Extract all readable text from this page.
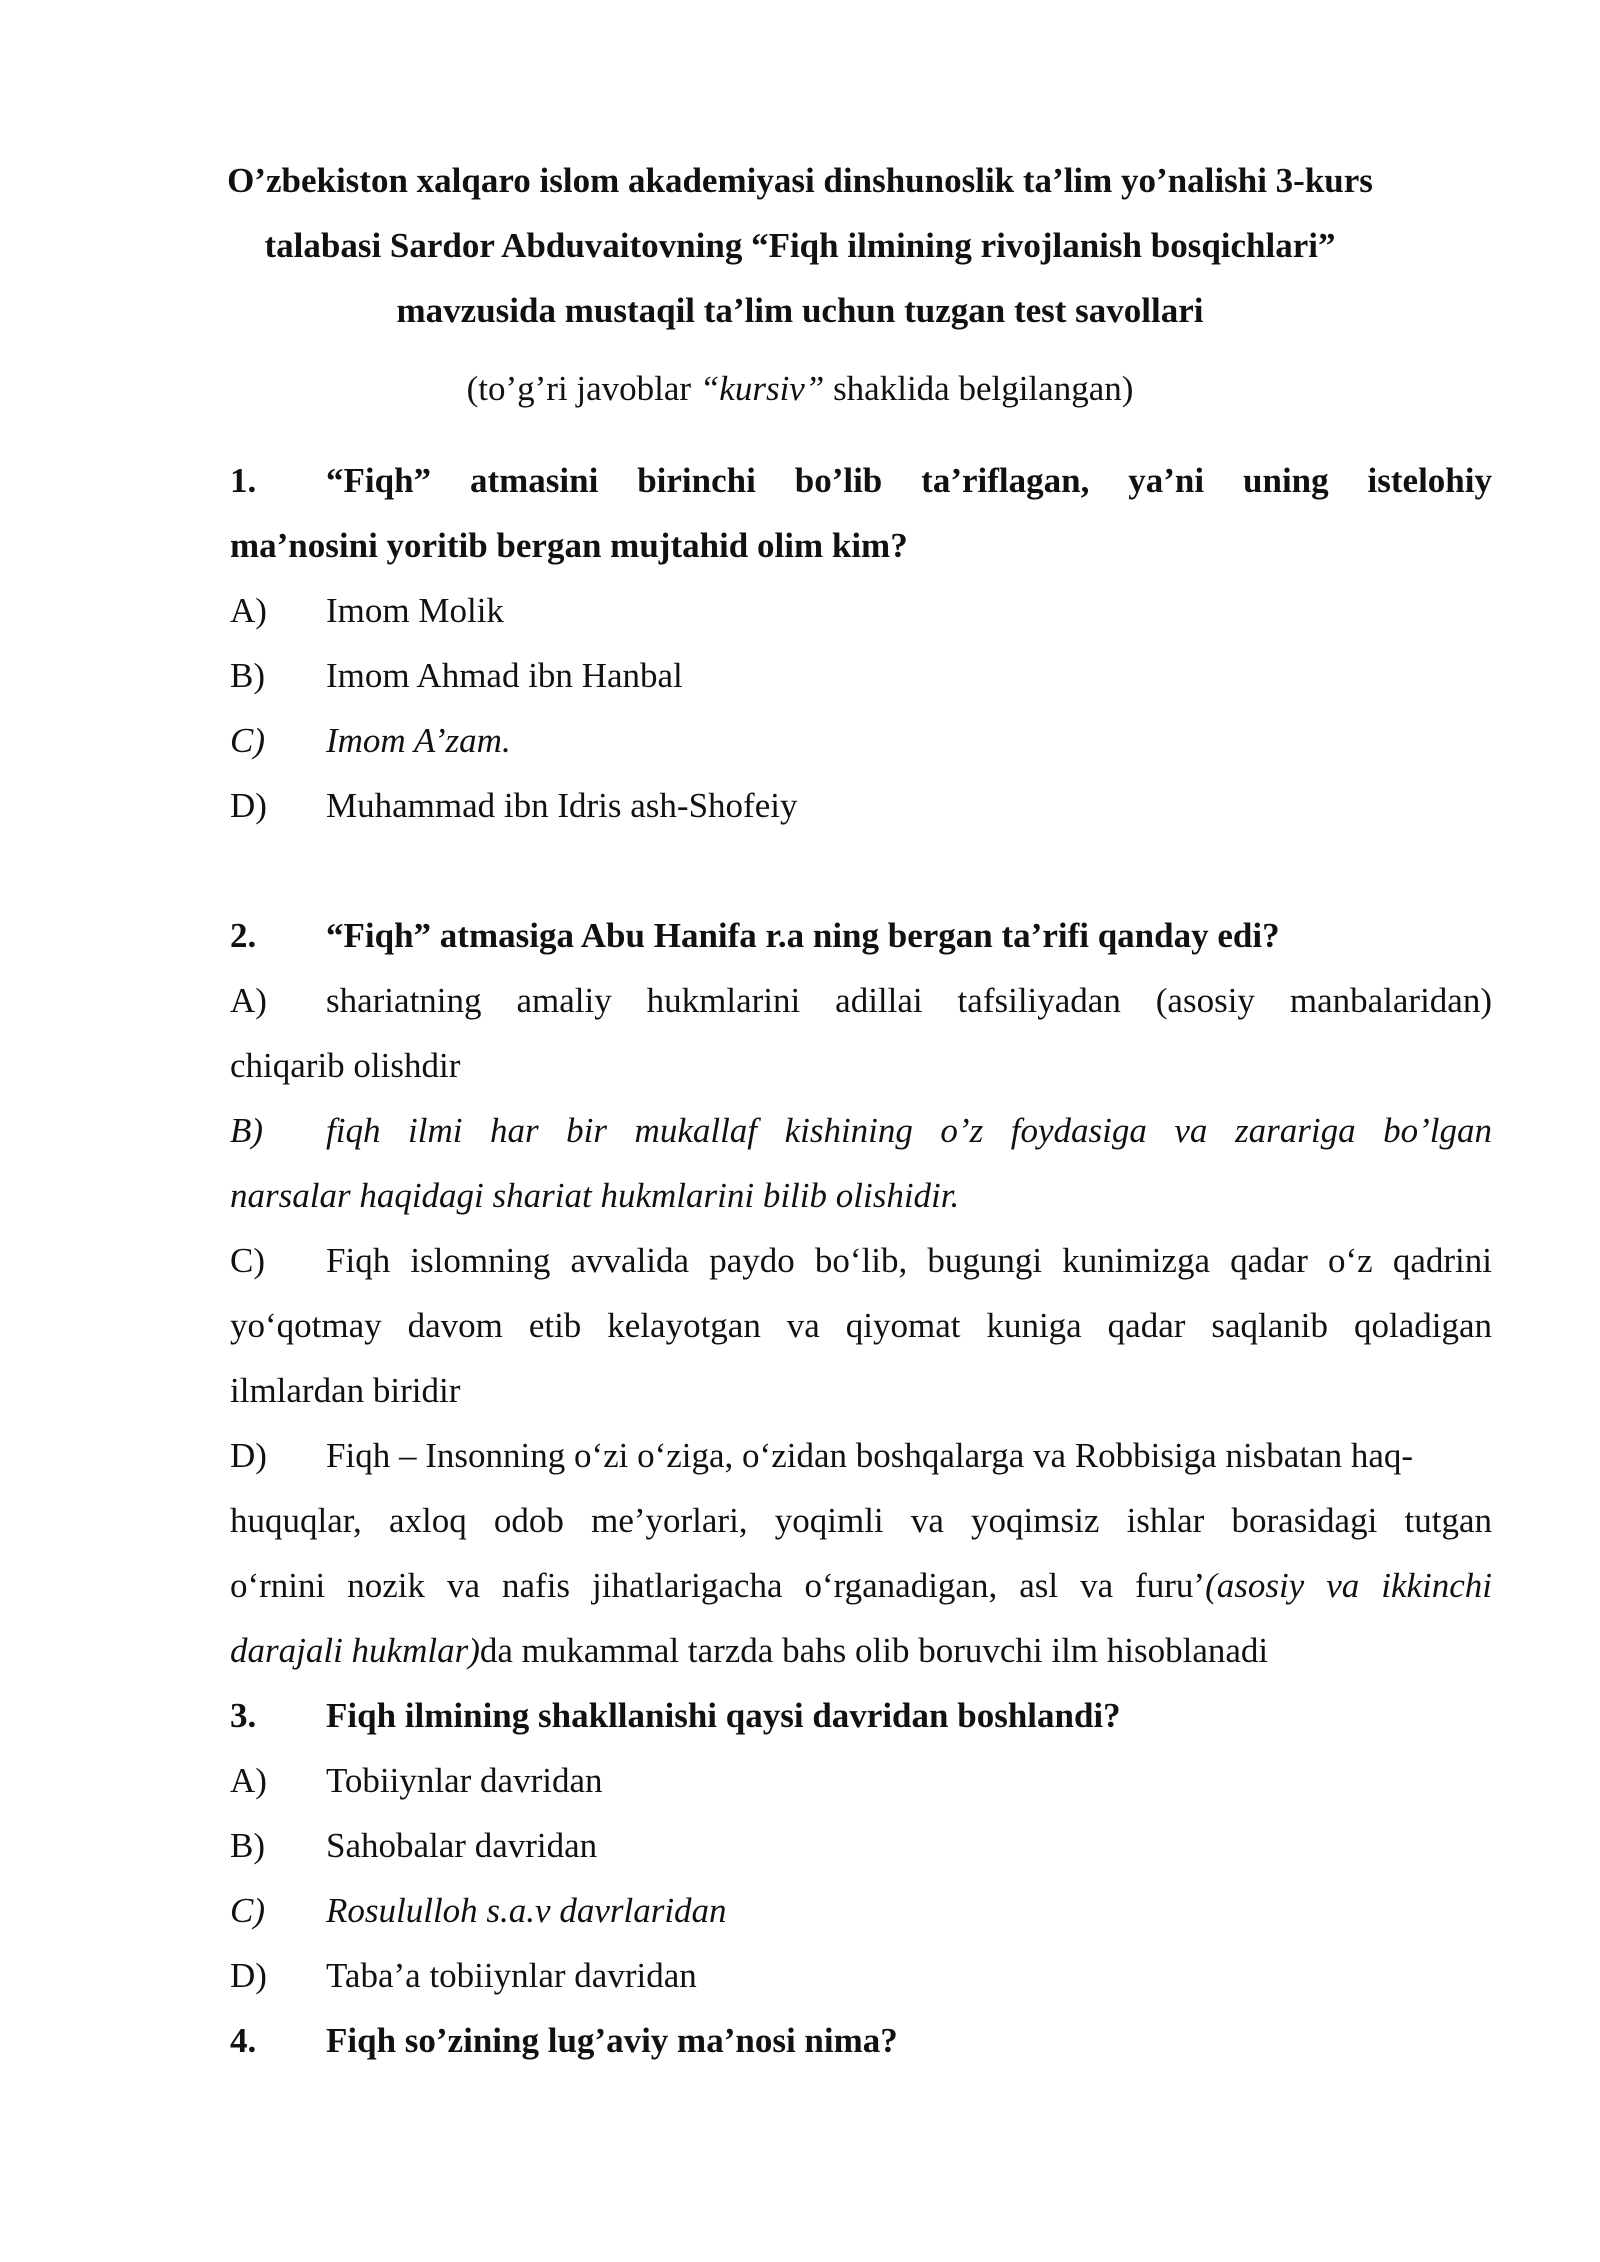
O’zbekiston xalqaro islom akademiyasi dinshunoslik ta’lim yo’nalishi 3-kurs
talabasi Sardor Abduvaitovning “Fiqh ilmining rivojlanish bosqichlari”
mavzusida mustaqil ta’lim uchun tuzgan test savollari
(to’g’ri javoblar “kursiv” shaklida belgilangan)
1. “Fiqh” atmasini birinchi bo’lib ta’riflagan, ya’ni uning istelohiy
ma’nosini yoritib bergan mujtahid olim kim?
A) Imom Molik
B) Imom Ahmad ibn Hanbal
C) Imom A’zam.
D) Muhammad ibn Idris ash-Shofeiy
2. “Fiqh” atmasiga Abu Hanifa r.a ning bergan ta’rifi qanday edi?
A) shariatning amaliy hukmlarini adillai tafsiliyadan (asosiy manbalaridan)
chiqarib olishdir
B) fiqh ilmi har bir mukallaf kishining o’z foydasiga va zarariga bo’lgan
narsalar haqidagi shariat hukmlarini bilib olishidir.
C) Fiqh islomning avvalida paydo bo‘lib, bugungi kunimizga qadar o‘z qadrini
yo‘qotmay davom etib kelayotgan va qiyomat kuniga qadar saqlanib qoladigan
ilmlardan biridir
D) Fiqh – Insonning o‘zi o‘ziga, o‘zidan boshqalarga va Robbisiga nisbatan haq-
huquqlar, axloq odob me’yorlari, yoqimli va yoqimsiz ishlar borasidagi tutgan
o‘rnini nozik va nafis jihatlarigacha o‘rganadigan, asl va furu’(asosiy va ikkinchi
darajali hukmlar)da mukammal tarzda bahs olib boruvchi ilm hisoblanadi
3. Fiqh ilmining shakllanishi qaysi davridan boshlandi?
A) Tobiiynlar davridan
B) Sahobalar davridan
C) Rosululloh s.a.v davrlaridan
D) Taba’a tobiiynlar davridan
4. Fiqh so’zining lug’aviy ma’nosi nima?
